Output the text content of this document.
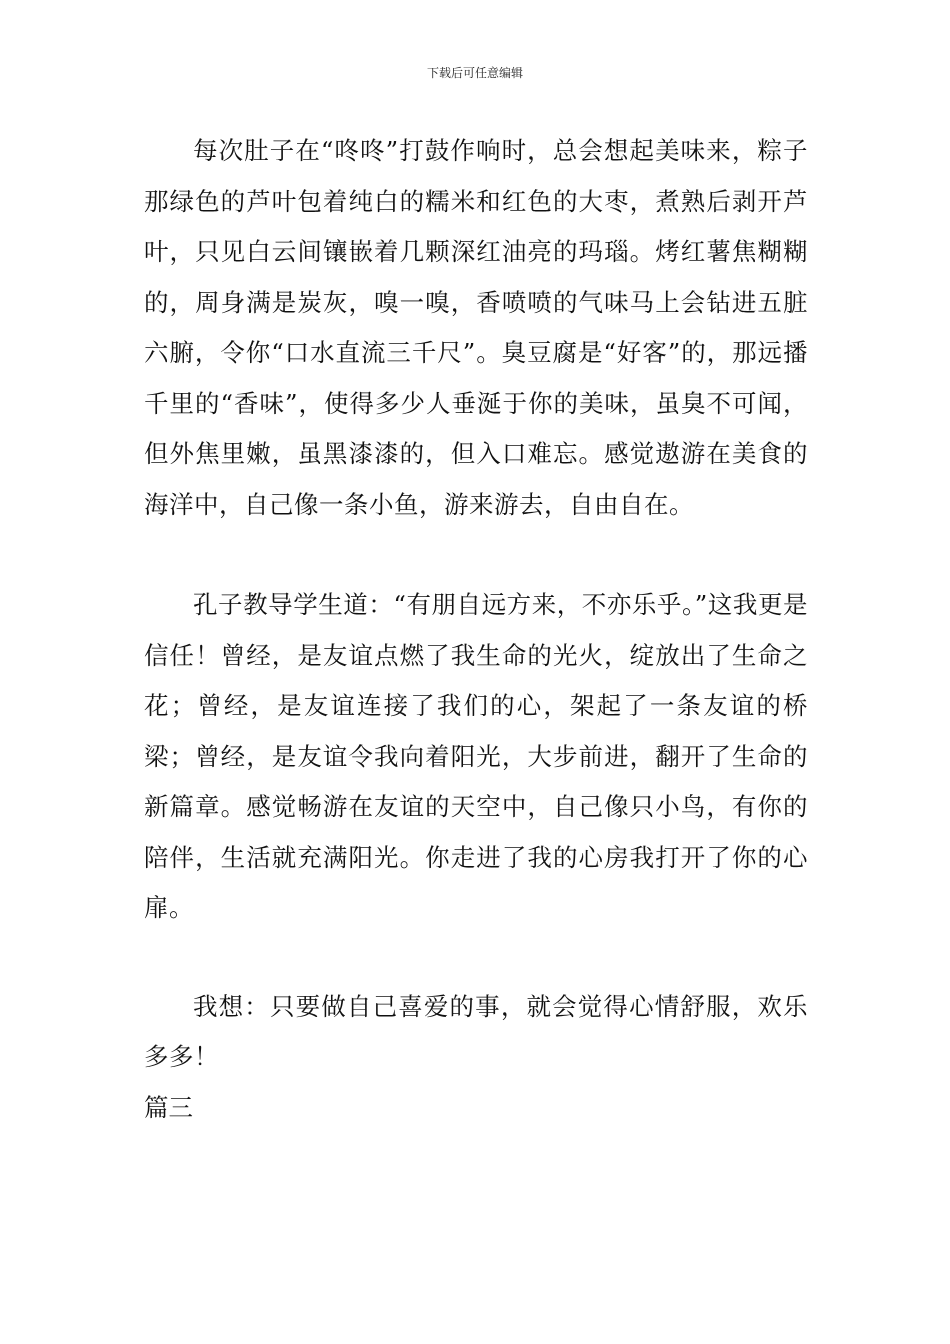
下载后可任意编辑

每次肚子在“咚咚”打鼓作响时，总会想起美味来，粽子那绿色的芦叶包着纯白的糯米和红色的大枣，煮熟后剥开芦叶，只见白云间镶嵌着几颗深红油亮的玛瑙。烤红薯焦糊糊的，周身满是炭灰，嗅一嗅，香喷喷的气味马上会钻进五脏六腑，令你“口水直流三千尺”。臭豆腐是“好客”的，那远播千里的“香味”，使得多少人垂涎于你的美味，虽臭不可闻，但外焦里嫩，虽黑漆漆的，但入口难忘。感觉遨游在美食的海洋中，自己像一条小鱼，游来游去，自由自在。

孔子教导学生道：“有朋自远方来，不亦乐乎。”这我更是信任！曾经，是友谊点燃了我生命的光火，绽放出了生命之花；曾经，是友谊连接了我们的心，架起了一条友谊的桥梁；曾经，是友谊令我向着阳光，大步前进，翻开了生命的新篇章。感觉畅游在友谊的天空中，自己像只小鸟，有你的陪伴，生活就充满阳光。你走进了我的心房我打开了你的心扉。

我想：只要做自己喜爱的事，就会觉得心情舒服，欢乐多多！

篇三
